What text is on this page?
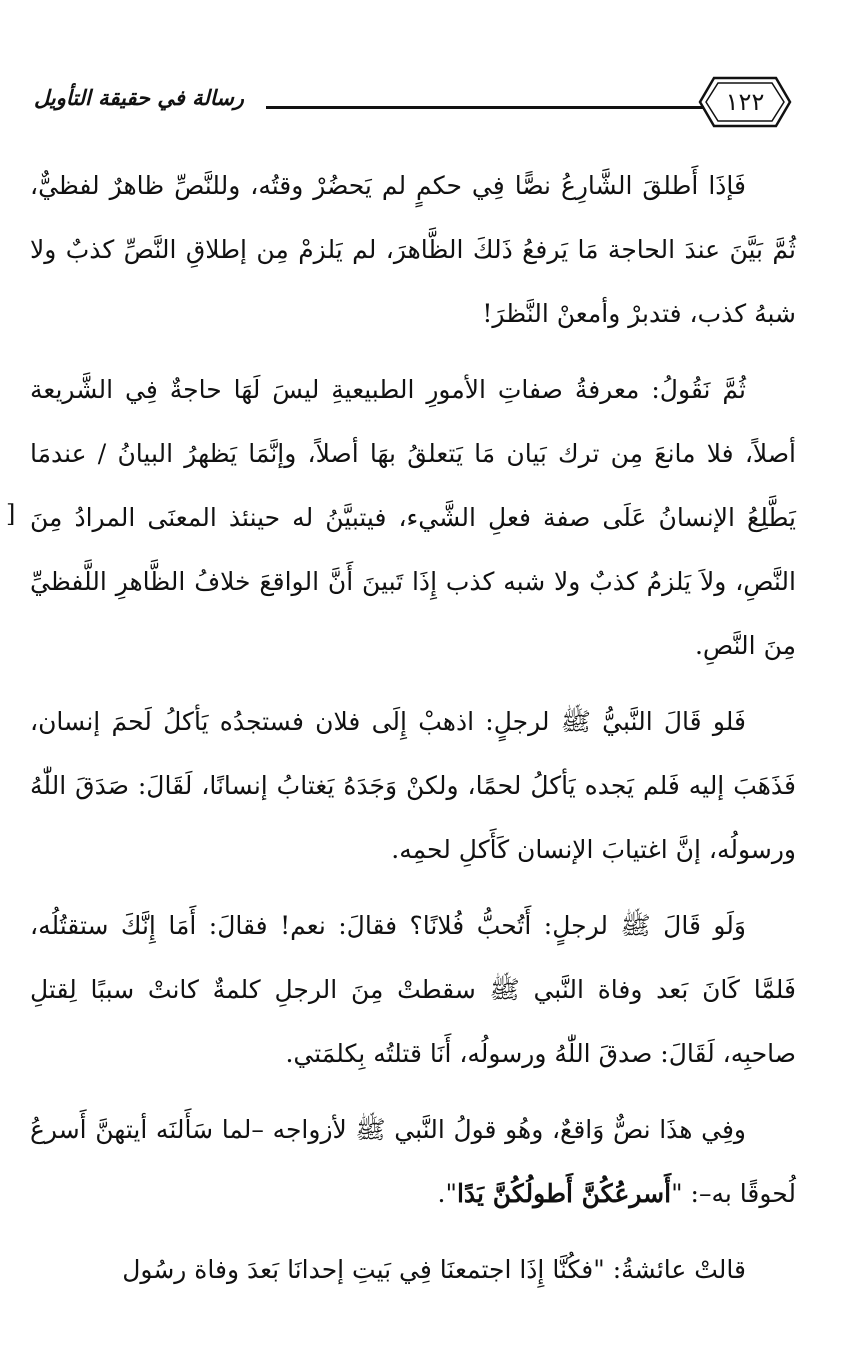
رسالة في حقيقة التأويل	١٢٢
]

فَإذَا أَطلقَ الشَّارِعُ نصًّا فِي حكمٍ لم يَحضُرْ وقتُه، وللنَّصِّ ظاهرٌ لفظيٌّ، ثُمَّ بَيَّنَ عندَ الحاجة مَا يَرفعُ ذَلكَ الظَّاهرَ، لم يَلزمْ مِن إطلاقِ النَّصِّ كذبٌ ولا شبهُ كذب، فتدبرْ وأمعنْ النَّظرَ!

ثُمَّ نَقُولُ: معرفةُ صفاتِ الأمورِ الطبيعيةِ ليسَ لَهَا حاجةٌ فِي الشَّريعة أصلاً، فلا مانعَ مِن ترك بَيان مَا يَتعلقُ بهَا أصلاً، وإنَّمَا يَظهرُ البيانُ / عندمَا يَطَّلِعُ الإنسانُ عَلَى صفة فعلِ الشَّيء، فيتبيَّنُ له حينئذ المعنَى المرادُ مِنَ النَّصِ، ولاَ يَلزمُ كذبٌ ولا شبه كذب إِذَا تَبينَ أَنَّ الواقعَ خلافُ الظَّاهرِ اللَّفظيِّ مِنَ النَّصِ.

فَلو قَالَ النَّبيُّ ﷺ لرجلٍ: اذهبْ إِلَى فلان فستجدُه يَأكلُ لَحمَ إنسان، فَذَهَبَ إليه فَلم يَجده يَأكلُ لحمًا، ولكنْ وَجَدَهُ يَغتابُ إنسانًا، لَقَالَ: صَدَقَ اللّٰهُ ورسولُه، إنَّ اغتيابَ الإنسان كَأَكلِ لحمِه.

وَلَو قَالَ ﷺ لرجلٍ: أَتُحبُّ فُلانًا؟ فقالَ: نعم! فقالَ: أَمَا إِنَّكَ ستقتُلُه، فَلمَّا كَانَ بَعد وفاة النَّبي ﷺ سقطتْ مِنَ الرجلِ كلمةٌ كانتْ سببًا لِقتلِ صاحبِه، لَقَالَ: صدقَ اللّٰهُ ورسولُه، أَنَا قتلتُه بِكلمَتي.

وفِي هذَا نصٌّ وَاقعٌ، وهُو قولُ النَّبي ﷺ لأزواجه –لما سَأَلنَه أيتهنَّ أَسرعُ لُحوقًا به–: "أَسرعُكُنَّ أَطولُكُنَّ يَدًا".

قالتْ عائشةُ: "فكُنَّا إِذَا اجتمعنَا فِي بَيتِ إحدانَا بَعدَ وفاة رسُول
